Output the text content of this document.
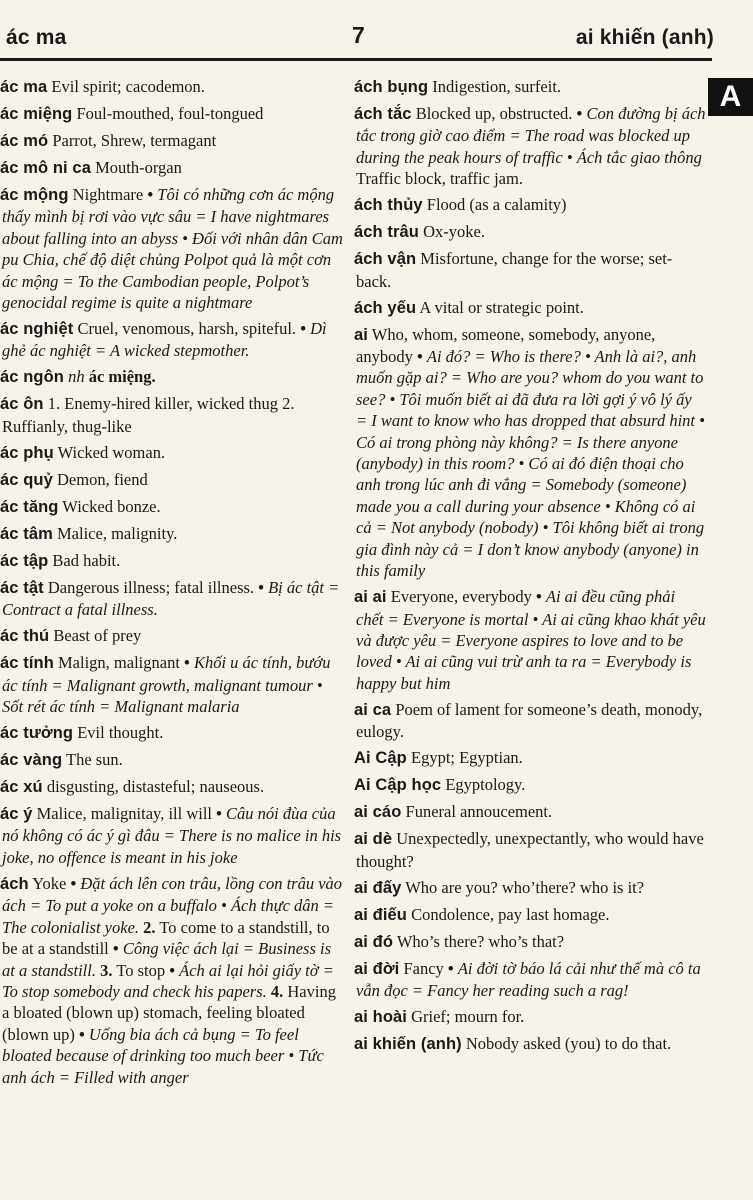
ác ma	7	ai khiến (anh)
A
ác ma Evil spirit; cacodemon.
ác miệng Foul-mouthed, foul-tongued
ác mó Parrot, Shrew, termagant
ác mô ni ca Mouth-organ
ác mộng Nightmare • Tôi có những cơn ác mộng thấy mình bị rơi vào vực sâu = I have nightmares about falling into an abyss • Đối với nhân dân Cam pu Chia, chế độ diệt chủng Polpot quả là một cơn ác mộng = To the Cambodian people, Polpot’s genocidal regime is quite a nightmare
ác nghiệt Cruel, venomous, harsh, spiteful. • Dì ghẻ ác nghiệt = A wicked stepmother.
ác ngôn nh ác miệng.
ác ôn 1. Enemy-hired killer, wicked thug 2. Ruffianly, thug-like
ác phụ Wicked woman.
ác quỷ Demon, fiend
ác tăng Wicked bonze.
ác tâm Malice, malignity.
ác tập Bad habit.
ác tật Dangerous illness; fatal illness. • Bị ác tật = Contract a fatal illness.
ác thú Beast of prey
ác tính Malign, malignant • Khối u ác tính, bướu ác tính = Malignant growth, malignant tumour • Sốt rét ác tính = Malignant malaria
ác tưởng Evil thought.
ác vàng The sun.
ác xú disgusting, distasteful; nauseous.
ác ý Malice, malignitay, ill will • Câu nói đùa của nó không có ác ý gì đâu = There is no malice in his joke, no offence is meant in his joke
ách Yoke • Đặt ách lên con trâu, lồng con trâu vào ách = To put a yoke on a buffalo • Ách thực dân = The colonialist yoke. 2. To come to a standstill, to be at a standstill • Công việc ách lại = Business is at a standstill. 3. To stop • Ách ai lại hỏi giấy tờ = To stop somebody and check his papers. 4. Having a bloated (blown up) stomach, feeling bloated (blown up) • Uống bia ách cả bụng = To feel bloated because of drinking too much beer • Tức anh ách = Filled with anger
ách bụng Indigestion, surfeit.
ách tắc Blocked up, obstructed. • Con đường bị ách tắc trong giờ cao điểm = The road was blocked up during the peak hours of traffic • Ách tắc giao thông Traffic block, traffic jam.
ách thủy Flood (as a calamity)
ách trâu Ox-yoke.
ách vận Misfortune, change for the worse; set-back.
ách yếu A vital or strategic point.
ai Who, whom, someone, somebody, anyone, anybody • Ai đó? = Who is there? • Anh là ai?, anh muốn gặp ai? = Who are you? whom do you want to see? • Tôi muốn biết ai đã đưa ra lời gợi ý vô lý ấy = I want to know who has dropped that absurd hint • Có ai trong phòng này không? = Is there anyone (anybody) in this room? • Có ai đó điện thoại cho anh trong lúc anh đi vắng = Somebody (someone) made you a call during your absence • Không có ai cả = Not anybody (nobody) • Tôi không biết ai trong gia đình này cả = I don’t know anybody (anyone) in this family
ai ai Everyone, everybody • Ai ai đều cũng phải chết = Everyone is mortal • Ai ai cũng khao khát yêu và được yêu = Everyone aspires to love and to be loved • Ai ai cũng vui trừ anh ta ra = Everybody is happy but him
ai ca Poem of lament for someone’s death, monody, eulogy.
Ai Cập Egypt; Egyptian.
Ai Cập học Egyptology.
ai cáo Funeral annoucement.
ai dè Unexpectedly, unexpectantly, who would have thought?
ai đấy Who are you? who’there? who is it?
ai điếu Condolence, pay last homage.
ai đó Who’s there? who’s that?
ai đời Fancy • Ai đời tờ báo lá cải như thế mà cô ta vẫn đọc = Fancy her reading such a rag!
ai hoài Grief; mourn for.
ai khiến (anh) Nobody asked (you) to do that.
